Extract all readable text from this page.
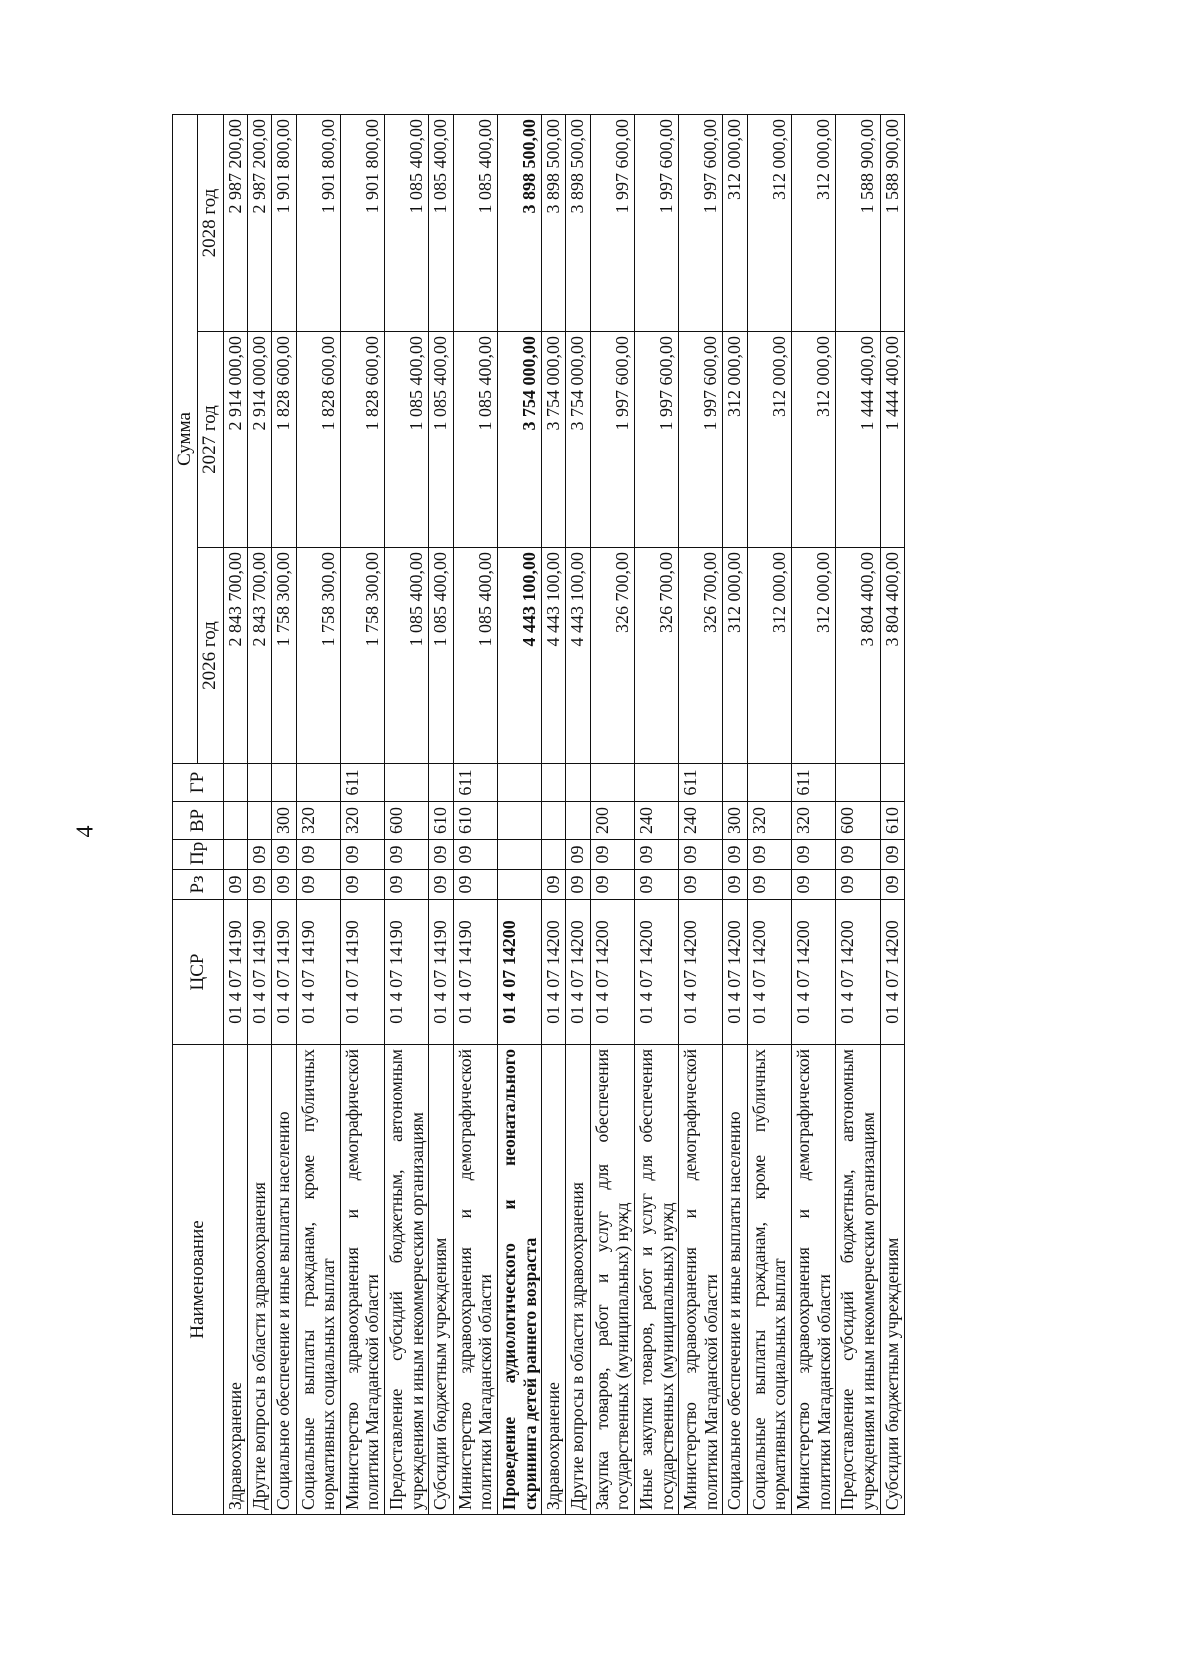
4
Наименование	ЦСР	Рз	Пр	ВР	ГР	Сумма		
						2026 год	2027 год	2028 год
Здравоохранение	01 4 07 14190	09				2 843 700,00	2 914 000,00	2 987 200,00
Другие вопросы в области здравоохранения	01 4 07 14190	09	09			2 843 700,00	2 914 000,00	2 987 200,00
Социальное обеспечение и иные выплаты населению	01 4 07 14190	09	09	300		1 758 300,00	1 828 600,00	1 901 800,00
Социальные выплаты гражданам, кроме публичных нормативных социальных выплат	01 4 07 14190	09	09	320		1 758 300,00	1 828 600,00	1 901 800,00
Министерство здравоохранения и демографической политики Магаданской области	01 4 07 14190	09	09	320	611	1 758 300,00	1 828 600,00	1 901 800,00
Предоставление субсидий бюджетным, автономным учреждениям и иным некоммерческим организациям	01 4 07 14190	09	09	600		1 085 400,00	1 085 400,00	1 085 400,00
Субсидии бюджетным учреждениям	01 4 07 14190	09	09	610		1 085 400,00	1 085 400,00	1 085 400,00
Министерство здравоохранения и демографической политики Магаданской области	01 4 07 14190	09	09	610	611	1 085 400,00	1 085 400,00	1 085 400,00
Проведение аудиологического и неонатального скрининга детей раннего возраста	01 4 07 14200					4 443 100,00	3 754 000,00	3 898 500,00
Здравоохранение	01 4 07 14200	09				4 443 100,00	3 754 000,00	3 898 500,00
Другие вопросы в области здравоохранения	01 4 07 14200	09	09			4 443 100,00	3 754 000,00	3 898 500,00
Закупка товаров, работ и услуг для обеспечения государственных (муниципальных) нужд	01 4 07 14200	09	09	200		326 700,00	1 997 600,00	1 997 600,00
Иные закупки товаров, работ и услуг для обеспечения государственных (муниципальных) нужд	01 4 07 14200	09	09	240		326 700,00	1 997 600,00	1 997 600,00
Министерство здравоохранения и демографической политики Магаданской области	01 4 07 14200	09	09	240	611	326 700,00	1 997 600,00	1 997 600,00
Социальное обеспечение и иные выплаты населению	01 4 07 14200	09	09	300		312 000,00	312 000,00	312 000,00
Социальные выплаты гражданам, кроме публичных нормативных социальных выплат	01 4 07 14200	09	09	320		312 000,00	312 000,00	312 000,00
Министерство здравоохранения и демографической политики Магаданской области	01 4 07 14200	09	09	320	611	312 000,00	312 000,00	312 000,00
Предоставление субсидий бюджетным, автономным учреждениям и иным некоммерческим организациям	01 4 07 14200	09	09	600		3 804 400,00	1 444 400,00	1 588 900,00
Субсидии бюджетным учреждениям	01 4 07 14200	09	09	610		3 804 400,00	1 444 400,00	1 588 900,00
